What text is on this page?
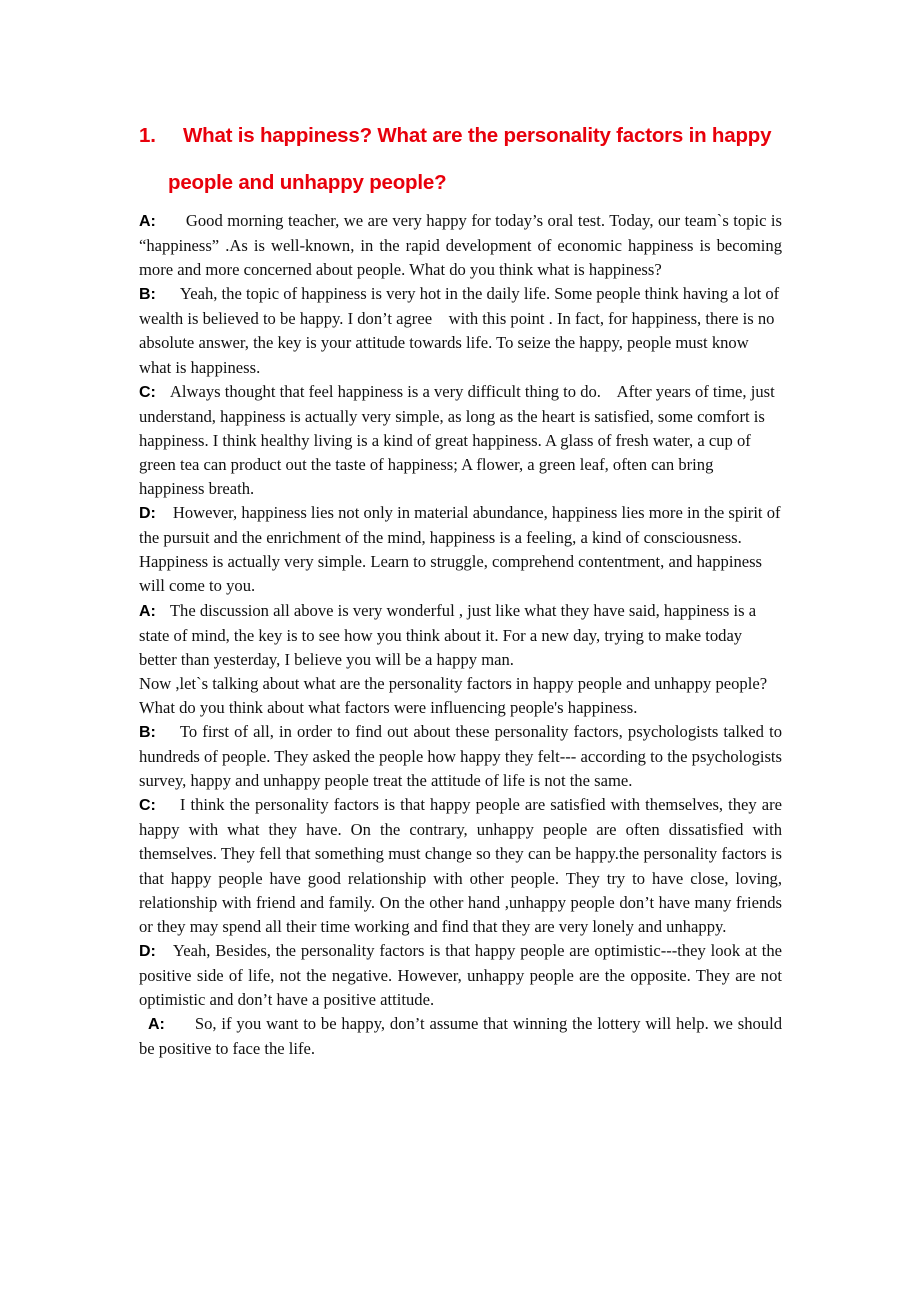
1. What is happiness? What are the personality factors in happy
people and unhappy people?

A: Good morning teacher, we are very happy for today’s oral test. Today, our team`s topic is “happiness” .As is well-known, in the rapid development of economic happiness is becoming more and more concerned about people. What do you think what is happiness?

B: Yeah, the topic of happiness is very hot in the daily life. Some people think having a lot of wealth is believed to be happy. I don’t agree    with this point . In fact, for happiness, there is no absolute answer, the key is your attitude towards life. To seize the happy, people must know what is happiness.

C: Always thought that feel happiness is a very difficult thing to do.    After years of time, just understand, happiness is actually very simple, as long as the heart is satisfied, some comfort is happiness. I think healthy living is a kind of great happiness. A glass of fresh water, a cup of green tea can product out the taste of happiness; A flower, a green leaf, often can bring happiness breath.

D: However, happiness lies not only in material abundance, happiness lies more in the spirit of the pursuit and the enrichment of the mind, happiness is a feeling, a kind of consciousness. Happiness is actually very simple. Learn to struggle, comprehend contentment, and happiness will come to you.

A: The discussion all above is very wonderful , just like what they have said, happiness is a state of mind, the key is to see how you think about it. For a new day, trying to make today better than yesterday, I believe you will be a happy man.

Now ,let`s talking about what are the personality factors in happy people and unhappy people? What do you think about what factors were influencing people's happiness.

B: To first of all, in order to find out about these personality factors, psychologists talked to hundreds of people. They asked the people how happy they felt--- according to the psychologists survey, happy and unhappy people treat the attitude of life is not the same.

C: I think the personality factors is that happy people are satisfied with themselves, they are happy with what they have. On the contrary, unhappy people are often dissatisfied with themselves. They fell that something must change so they can be happy.the personality factors is that happy people have good relationship with other people. They try to have close, loving, relationship with friend and family. On the other hand ,unhappy people don’t have many friends or they may spend all their time working and find that they are very lonely and unhappy.

D: Yeah, Besides, the personality factors is that happy people are optimistic---they look at the positive side of life, not the negative. However, unhappy people are the opposite. They are not optimistic and don’t have a positive attitude.

A: So, if you want to be happy, don’t assume that winning the lottery will help. we should be positive to face the life.
